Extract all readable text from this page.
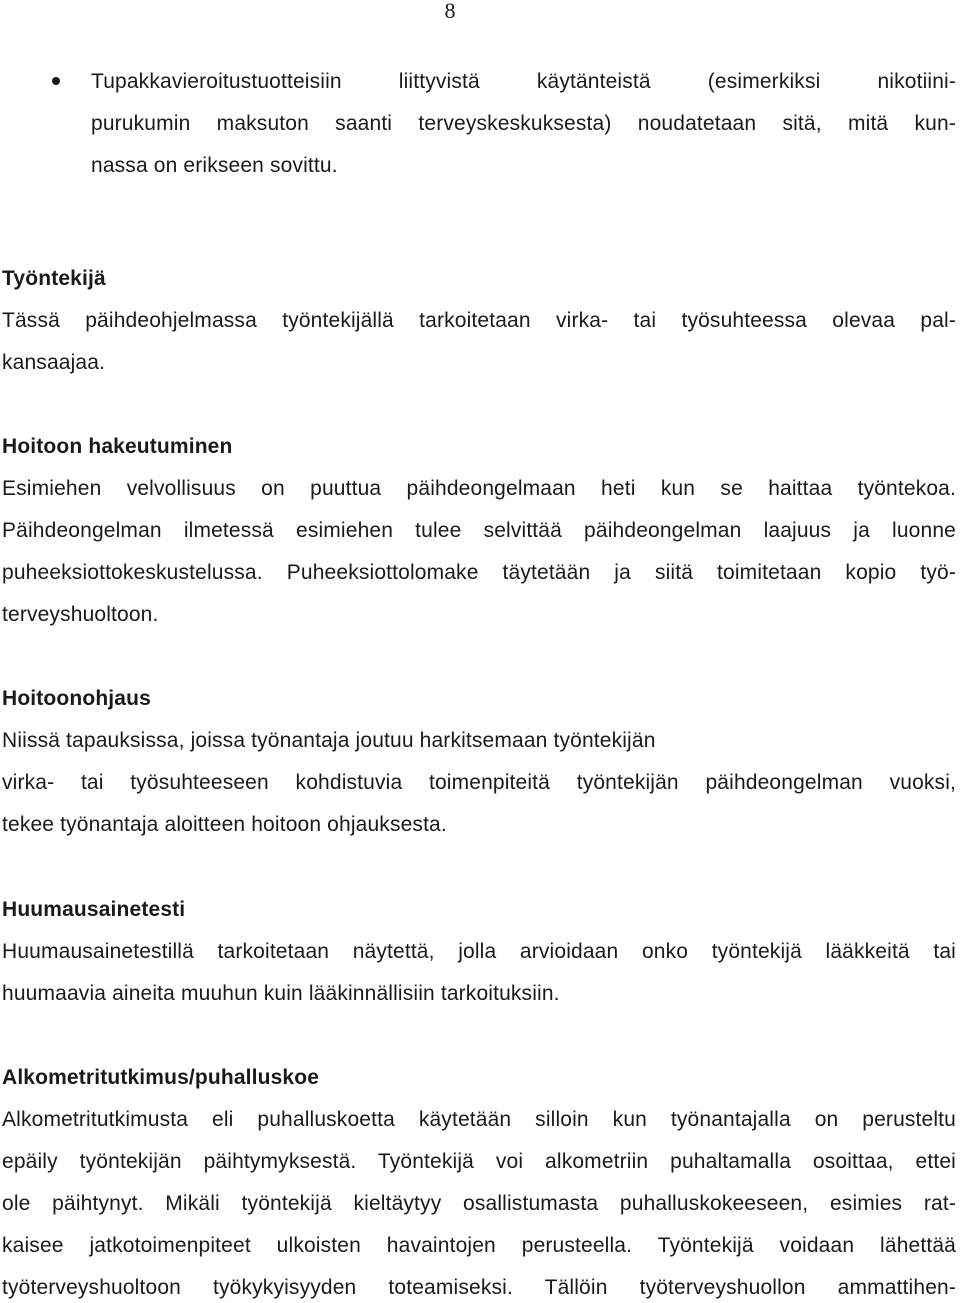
8
Tupakkavieroitustuotteisiin liittyvistä käytänteistä (esimerkiksi nikotiini-
purukumin maksuton saanti terveyskeskuksesta) noudatetaan sitä, mitä kun-
nassa on erikseen sovittu.
Työntekijä
Tässä päihdeohjelmassa työntekijällä tarkoitetaan virka- tai työsuhteessa olevaa pal-
kansaajaa.
Hoitoon hakeutuminen
Esimiehen velvollisuus on puuttua päihdeongelmaan heti kun se haittaa työntekoa.
Päihdeongelman ilmetessä esimiehen tulee selvittää päihdeongelman laajuus ja luonne
puheeksiottokeskustelussa. Puheeksiottolomake täytetään ja siitä toimitetaan kopio työ-
terveyshuoltoon.
Hoitoonohjaus
Niissä tapauksissa, joissa työnantaja joutuu harkitsemaan työntekijän
virka- tai työsuhteeseen kohdistuvia toimenpiteitä työntekijän päihdeongelman vuoksi,
tekee työnantaja aloitteen hoitoon ohjauksesta.
Huumausainetesti
Huumausainetestillä tarkoitetaan näytettä, jolla arvioidaan onko työntekijä lääkkeitä tai
huumaavia aineita muuhun kuin lääkinnällisiin tarkoituksiin.
Alkometritutkimus/puhalluskoe
Alkometritutkimusta eli puhalluskoetta käytetään silloin kun työnantajalla on perusteltu
epäily työntekijän päihtymyksestä. Työntekijä voi alkometriin puhaltamalla osoittaa, ettei
ole päihtynyt. Mikäli työntekijä kieltäytyy osallistumasta puhalluskokeeseen, esimies rat-
kaisee jatkotoimenpiteet ulkoisten havaintojen perusteella. Työntekijä voidaan lähettää
työterveyshuoltoon työkykyisyyden toteamiseksi. Tällöin työterveyshuollon ammattihen-
